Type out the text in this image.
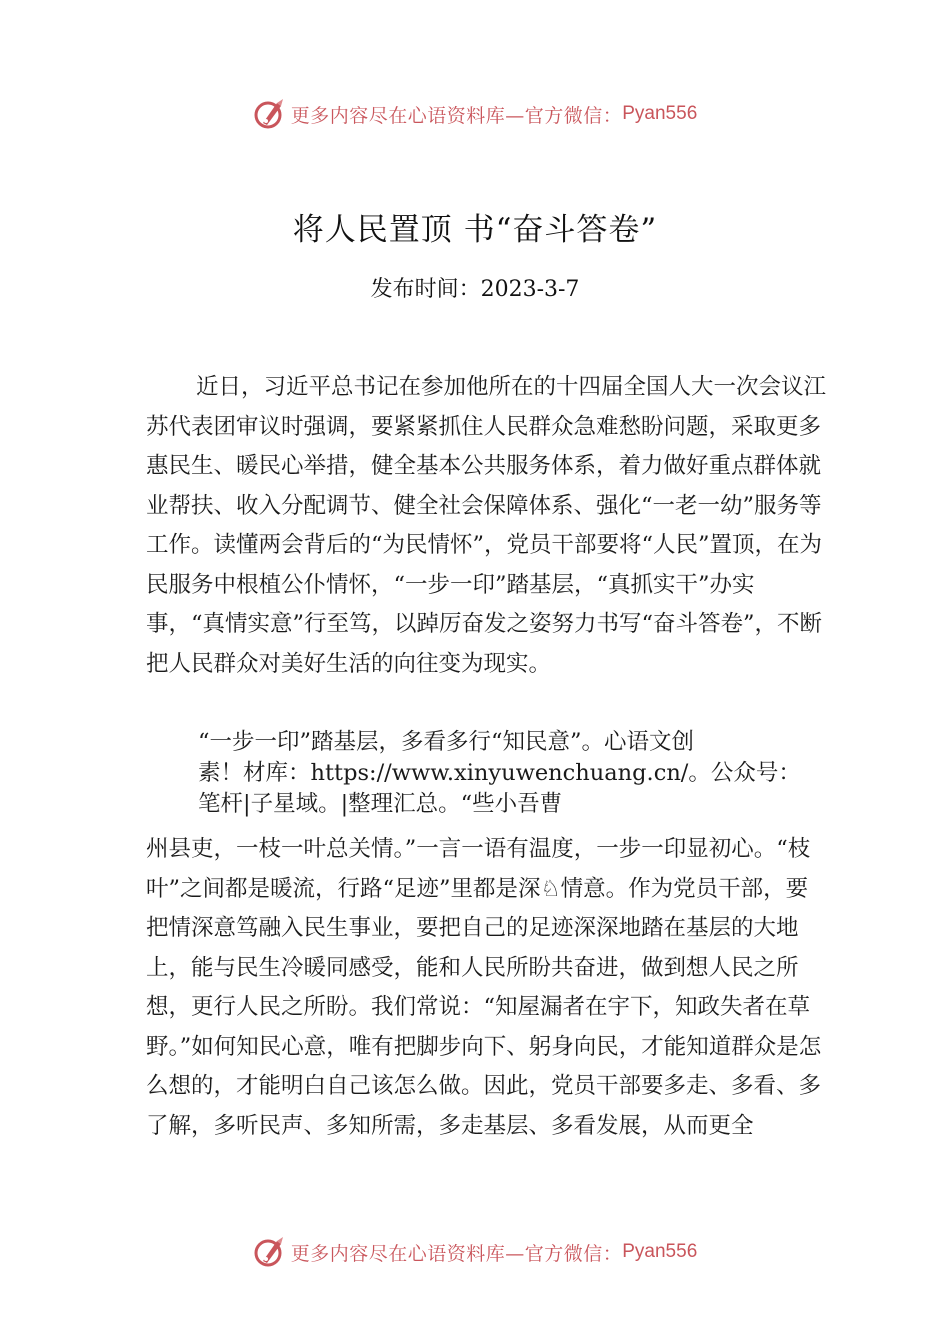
更多内容尽在心语资料库—官方微信： Pyan556
将人民置顶 书“奋斗答卷”
发布时间：2023-3-7

近日，习近平总书记在参加他所在的十四届全国人大一次会议江苏代表团审议时强调，要紧紧抓住人民群众急难愁盼问题，采取更多惠民生、暖民心举措，健全基本公共服务体系，着力做好重点群体就业帮扶、收入分配调节、健全社会保障体系、强化“一老一幼”服务等工作。读懂两会背后的“为民情怀”，党员干部要将“人民”置顶，在为民服务中根植公仆情怀，“一步一印”踏基层，“真抓实干”办实事，“真情实意”行至笃，以踔厉奋发之姿努力书写“奋斗答卷”，不断把人民群众对美好生活的向往变为现实。

“一步一印”踏基层，多看多行“知民意”。心语文创
素！材库：https://www.xinyuwenchuang.cn/。公众号：
笔杆|子星域。|整理汇总。“些小吾曹

州县吏，一枝一叶总关情。”一言一语有温度，一步一印显初心。“枝叶”之间都是暖流，行路“足迹”里都是深♘情意。作为党员干部，要把情深意笃融入民生事业，要把自己的足迹深深地踏在基层的大地上，能与民生冷暖同感受，能和人民所盼共奋进，做到想人民之所想，更行人民之所盼。我们常说：“知屋漏者在宇下，知政失者在草野。”如何知民心意，唯有把脚步向下、躬身向民，才能知道群众是怎么想的，才能明白自己该怎么做。因此，党员干部要多走、多看、多了解，多听民声、多知所需，多走基层、多看发展，从而更全

更多内容尽在心语资料库—官方微信： Pyan556
